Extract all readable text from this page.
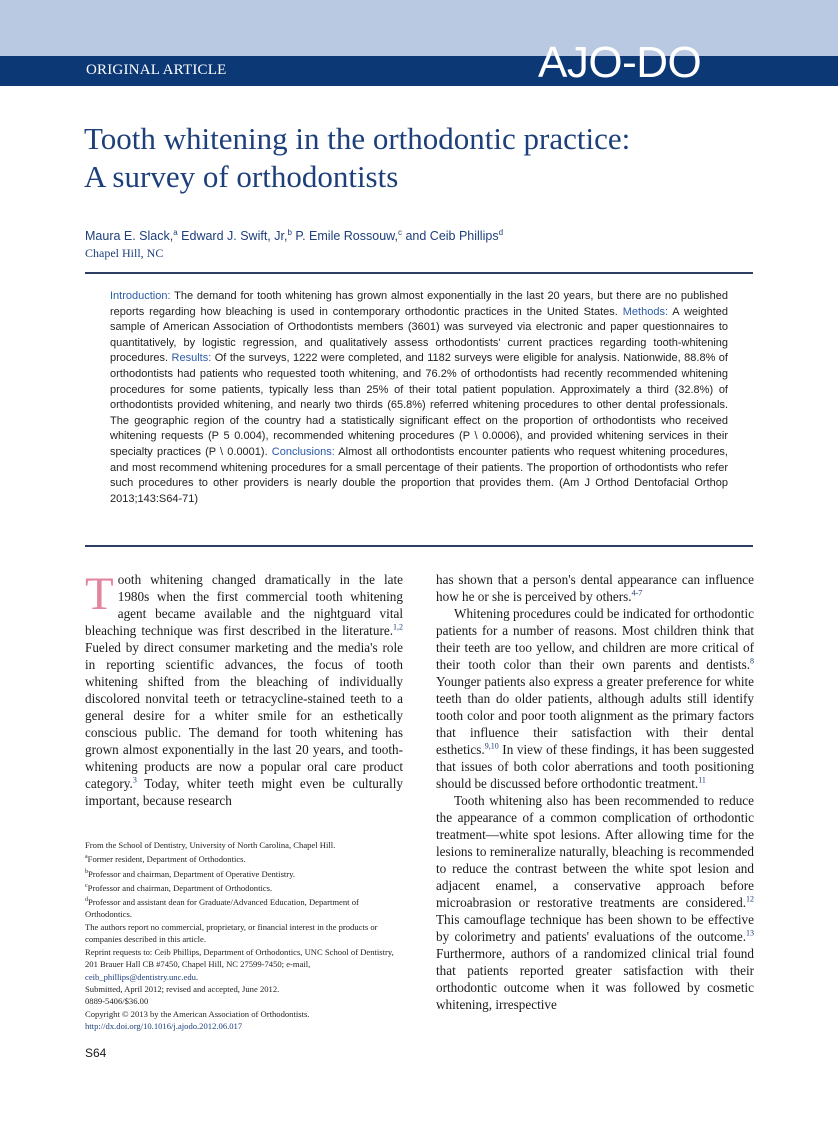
ORIGINAL ARTICLE	AJO-DO
Tooth whitening in the orthodontic practice:
A survey of orthodontists
Maura E. Slack,$^a$ Edward J. Swift, Jr,$^b$ P. Emile Rossouw,$^c$ and Ceib Phillips$^d$
Chapel Hill, NC
Introduction: The demand for tooth whitening has grown almost exponentially in the last 20 years, but there are no published reports regarding how bleaching is used in contemporary orthodontic practices in the United States. Methods: A weighted sample of American Association of Orthodontists members (3601) was surveyed via electronic and paper questionnaires to quantitatively, by logistic regression, and qualitatively assess orthodontists' current practices regarding tooth-whitening procedures. Results: Of the surveys, 1222 were completed, and 1182 surveys were eligible for analysis. Nationwide, 88.8% of orthodontists had patients who requested tooth whitening, and 76.2% of orthodontists had recently recommended whitening procedures for some patients, typically less than 25% of their total patient population. Approximately a third (32.8%) of orthodontists provided whitening, and nearly two thirds (65.8%) referred whitening procedures to other dental professionals. The geographic region of the country had a statistically significant effect on the proportion of orthodontists who received whitening requests (P 5 0.004), recommended whitening procedures (P \ 0.0006), and provided whitening services in their specialty practices (P \ 0.0001). Conclusions: Almost all orthodontists encounter patients who request whitening procedures, and most recommend whitening procedures for a small percentage of their patients. The proportion of orthodontists who refer such procedures to other providers is nearly double the proportion that provides them. (Am J Orthod Dentofacial Orthop 2013;143:S64-71)

Tooth whitening changed dramatically in the late 1980s when the first commercial tooth whitening agent became available and the nightguard vital bleaching technique was first described in the literature.$^{1,2}$ Fueled by direct consumer marketing and the media's role in reporting scientific advances, the focus of tooth whitening shifted from the bleaching of individually discolored nonvital teeth or tetracycline-stained teeth to a general desire for a whiter smile for an esthetically conscious public. The demand for tooth whitening has grown almost exponentially in the last 20 years, and tooth-whitening products are now a popular oral care product category.$^3$ Today, whiter teeth might even be culturally important, because research

has shown that a person's dental appearance can influence how he or she is perceived by others.$^{4-7}$

Whitening procedures could be indicated for orthodontic patients for a number of reasons. Most children think that their teeth are too yellow, and children are more critical of their tooth color than their own parents and dentists.$^8$ Younger patients also express a greater preference for white teeth than do older patients, although adults still identify tooth color and poor tooth alignment as the primary factors that influence their satisfaction with their dental esthetics.$^{9,10}$ In view of these findings, it has been suggested that issues of both color aberrations and tooth positioning should be discussed before orthodontic treatment.$^{11}$

Tooth whitening also has been recommended to reduce the appearance of a common complication of orthodontic treatment—white spot lesions. After allowing time for the lesions to remineralize naturally, bleaching is recommended to reduce the contrast between the white spot lesion and adjacent enamel, a conservative approach before microabrasion or restorative treatments are considered.$^{12}$ This camouflage technique has been shown to be effective by colorimetry and patients' evaluations of the outcome.$^{13}$ Furthermore, authors of a randomized clinical trial found that patients reported greater satisfaction with their orthodontic outcome when it was followed by cosmetic whitening, irrespective

From the School of Dentistry, University of North Carolina, Chapel Hill.
$^a$Former resident, Department of Orthodontics.
$^b$Professor and chairman, Department of Operative Dentistry.
$^c$Professor and chairman, Department of Orthodontics.
$^d$Professor and assistant dean for Graduate/Advanced Education, Department of Orthodontics.
The authors report no commercial, proprietary, or financial interest in the products or companies described in this article.
Reprint requests to: Ceib Phillips, Department of Orthodontics, UNC School of Dentistry, 201 Brauer Hall CB #7450, Chapel Hill, NC 27599-7450; e-mail, ceib_phillips@dentistry.unc.edu.
Submitted, April 2012; revised and accepted, June 2012.
0889-5406/$36.00
Copyright © 2013 by the American Association of Orthodontists.
http://dx.doi.org/10.1016/j.ajodo.2012.06.017
S64
